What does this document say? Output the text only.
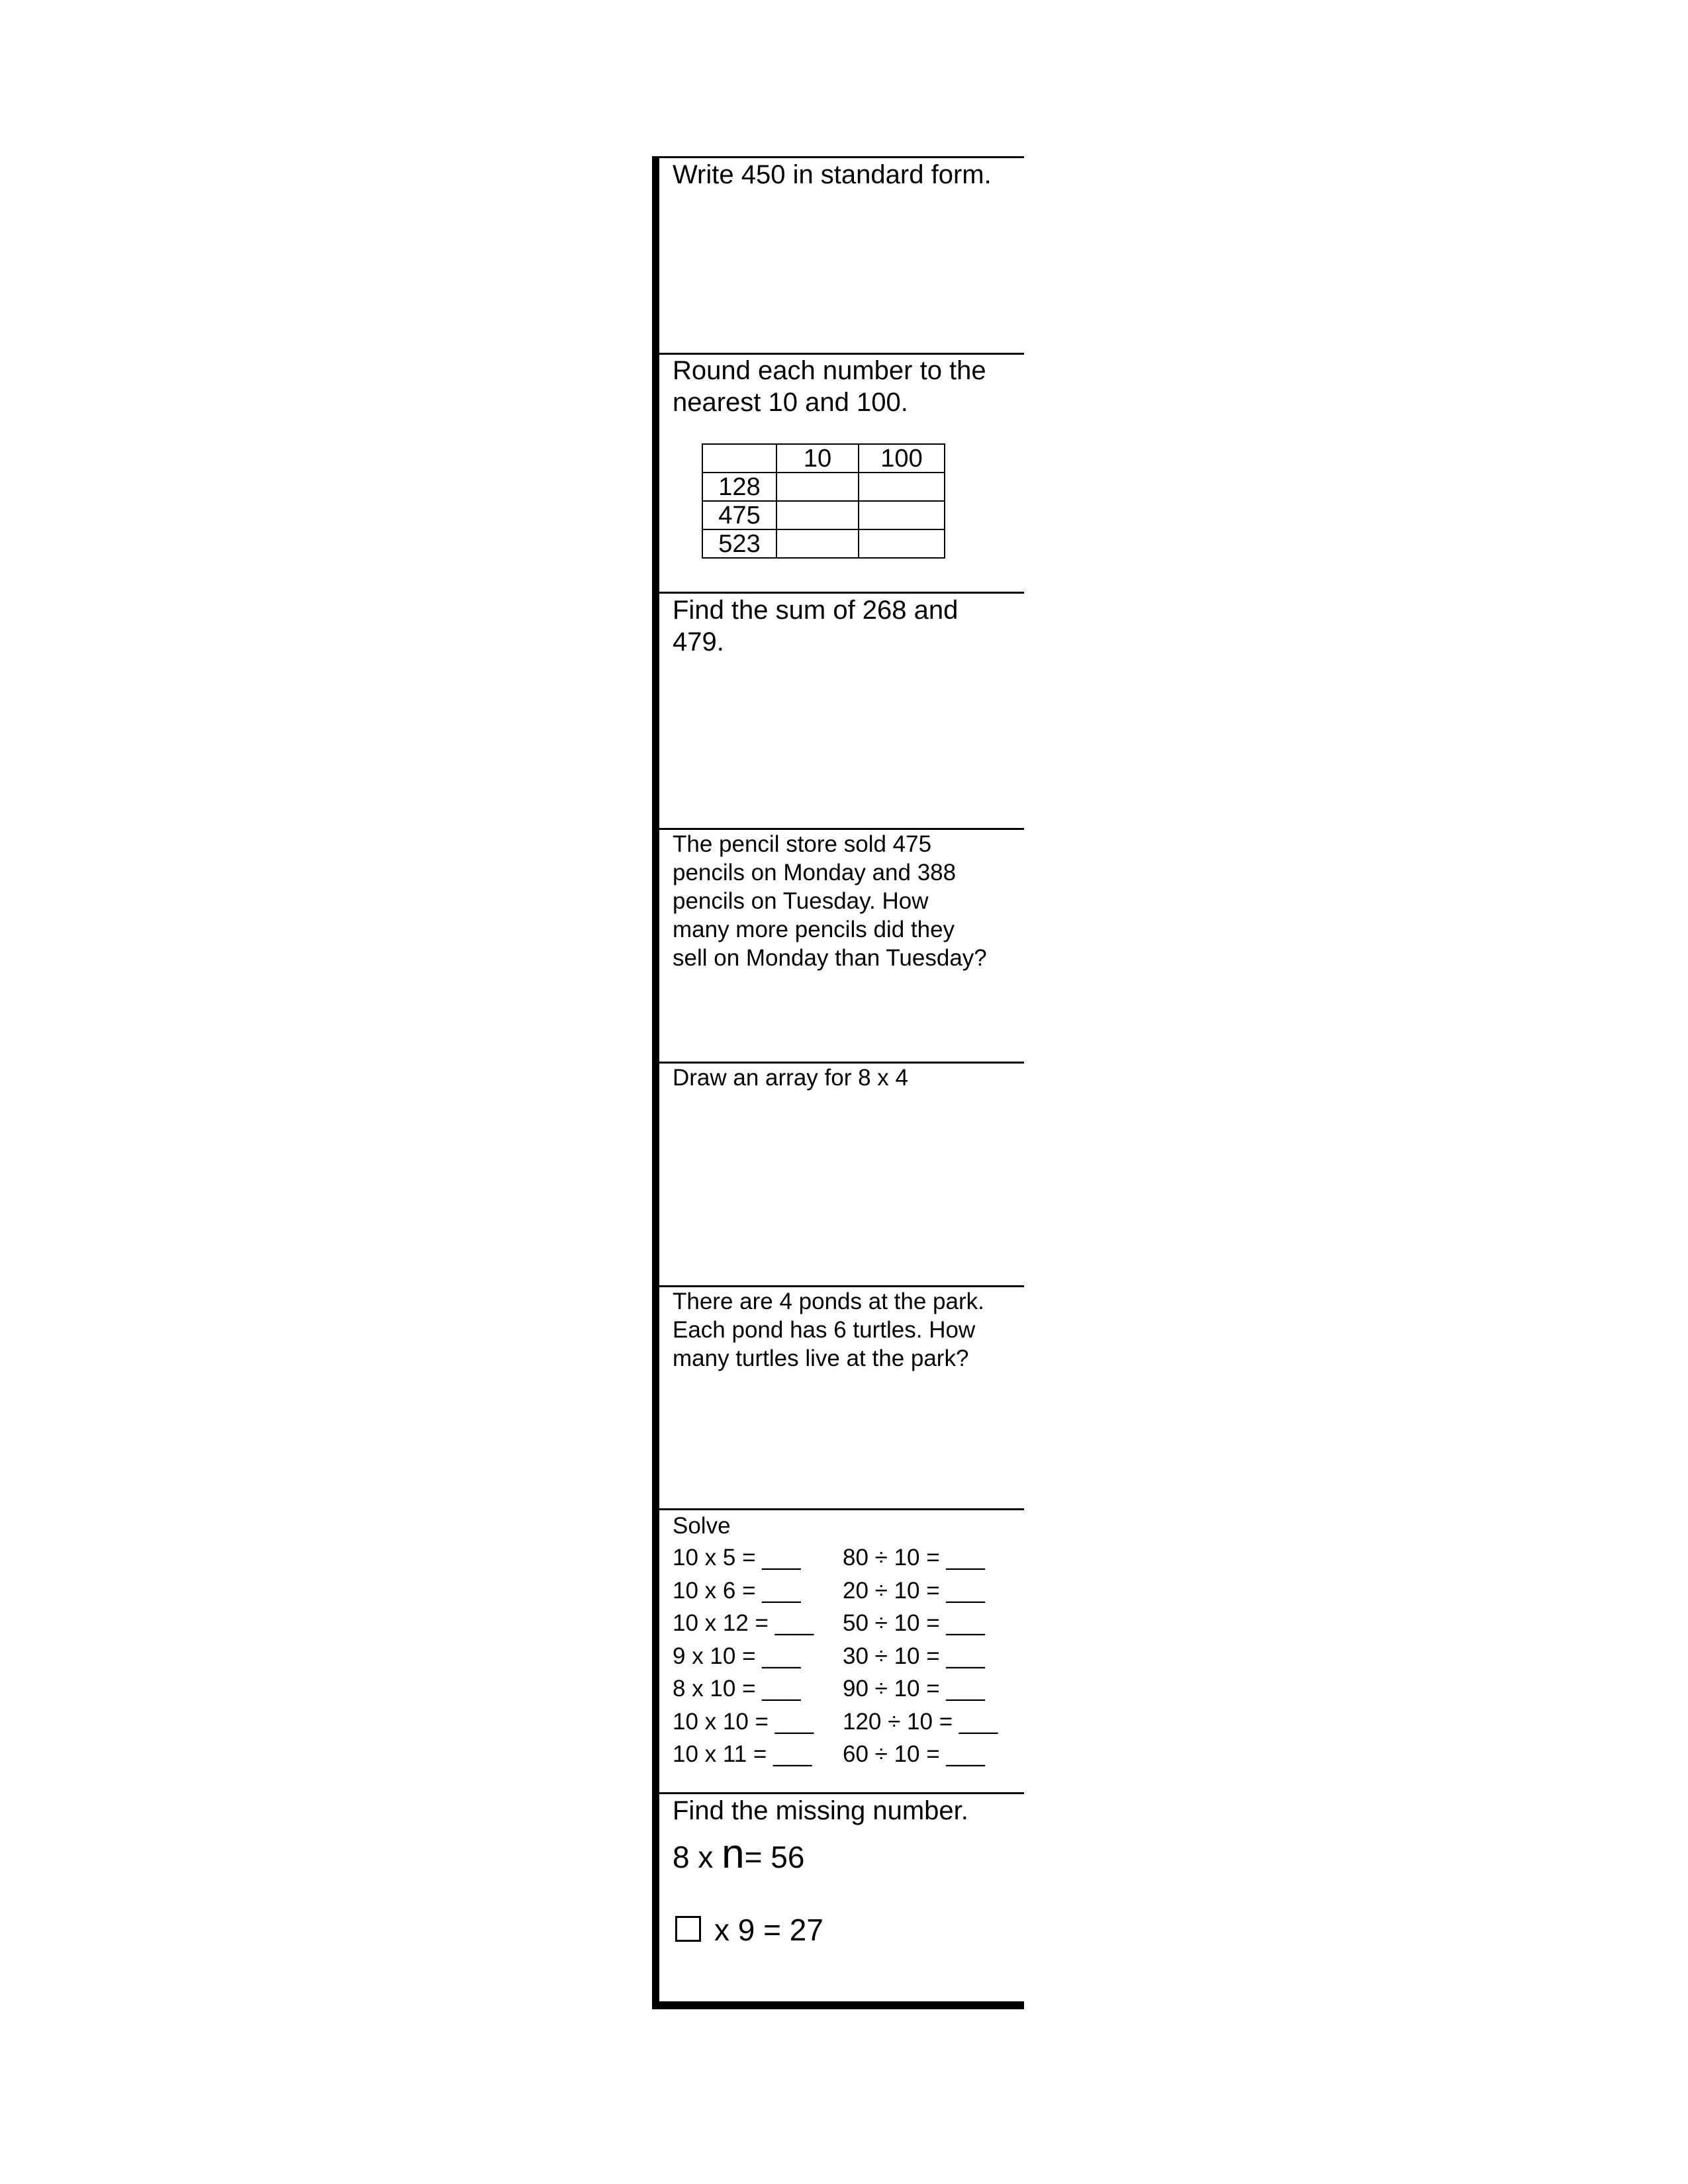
Write 450 in standard form.
Round each number to the
nearest 10 and 100.
	10	100
128		
475		
523		
Find the sum of 268 and
479.
The pencil store sold 475
pencils on Monday and 388
pencils on Tuesday. How
many more pencils did they
sell on Monday than Tuesday?
Draw an array for 8 x 4
There are 4 ponds at the park.
Each pond has 6 turtles. How
many turtles live at the park?
Solve
10 x 5 = ___ 80 ÷ 10 = ___
10 x 6 = ___ 20 ÷ 10 = ___
10 x 12 = ___ 50 ÷ 10 = ___
9 x 10 = ___ 30 ÷ 10 = ___
8 x 10 = ___ 90 ÷ 10 = ___
10 x 10 = ___ 120 ÷ 10 = ___
10 x 11 = ___ 60 ÷ 10 = ___
Find the missing number.
8 x n= 56
x 9 = 27
